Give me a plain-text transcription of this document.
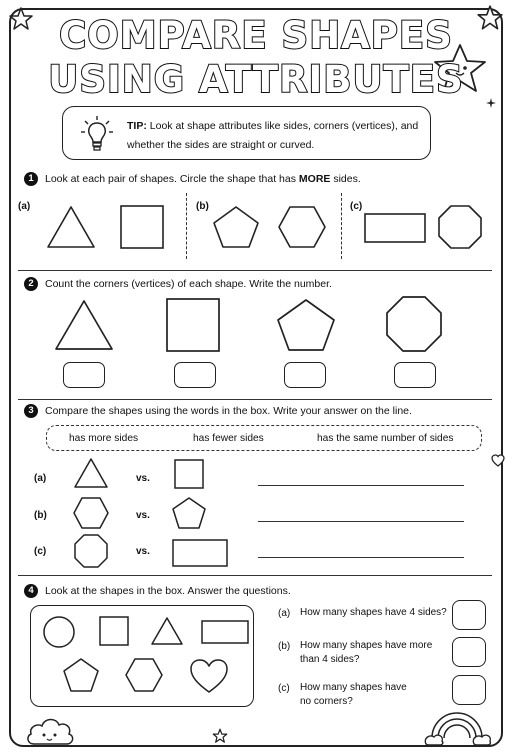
COMPARE SHAPES
USING ATTRIBUTES
TIP: Look at shape attributes like sides, corners (vertices), and whether the sides are straight or curved.
1 Look at each pair of shapes. Circle the shape that has MORE sides.
(a)	(b)	(c)
2 Count the corners (vertices) of each shape. Write the number.
3 Compare the shapes using the words in the box. Write your answer on the line.
has more sides	has fewer sides	has the same number of sides
(a)	vs.
(b)	vs.
(c)	vs.
4 Look at the shapes in the box. Answer the questions.
(a) How many shapes have 4 sides?
(b) How many shapes have more
than 4 sides?
(c) How many shapes have
no corners?
